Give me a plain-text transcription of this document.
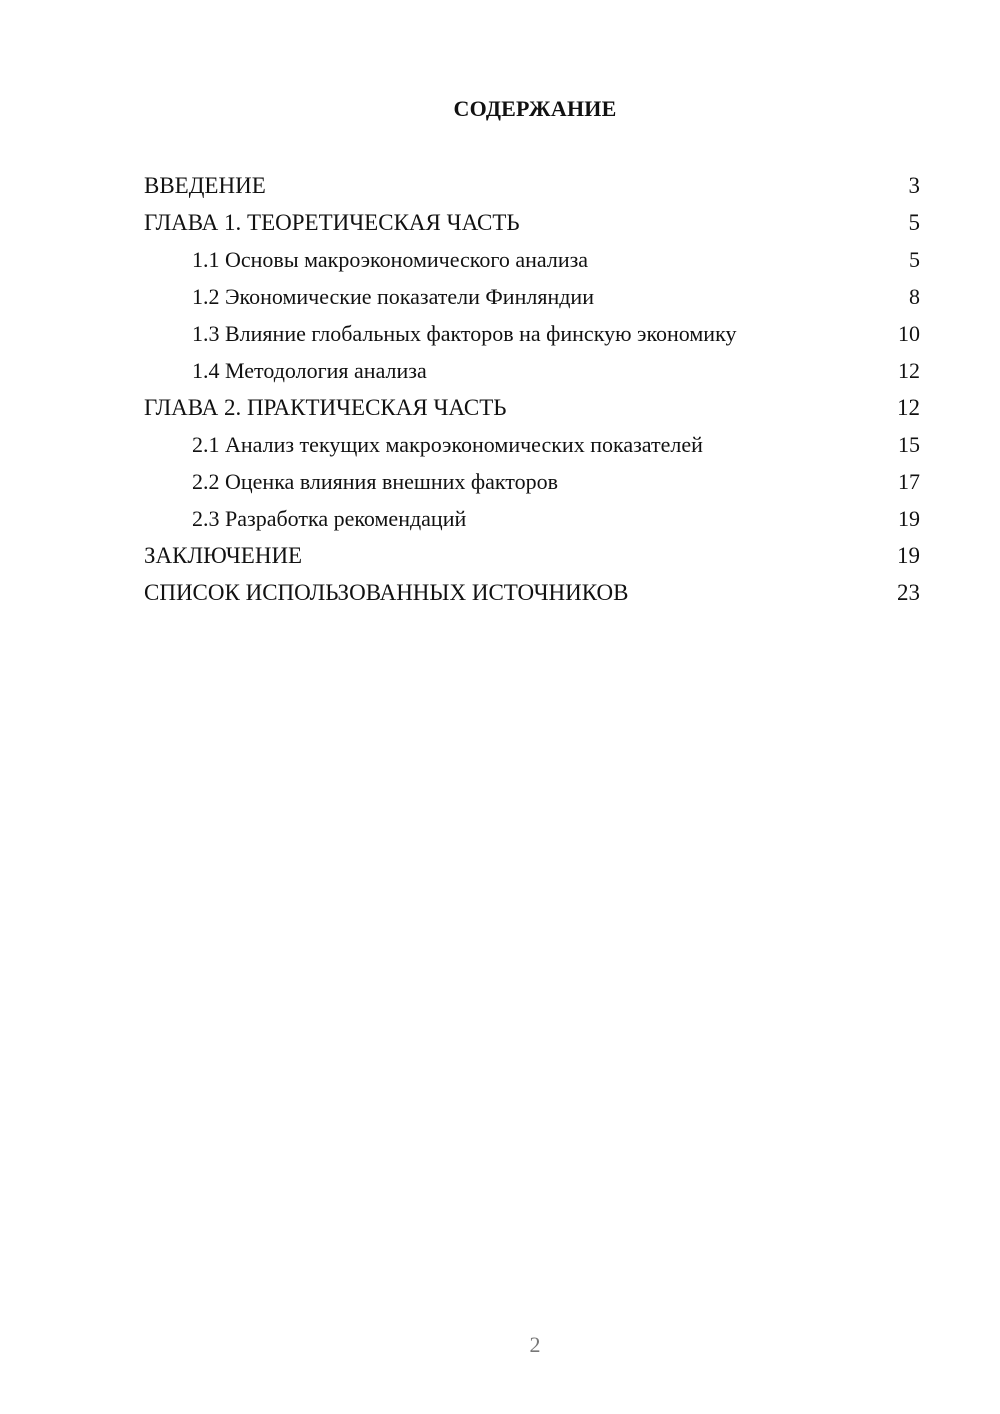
СОДЕРЖАНИЕ
ВВЕДЕНИЕ	3
ГЛАВА 1. ТЕОРЕТИЧЕСКАЯ ЧАСТЬ	5
1.1 Основы макроэкономического анализа	5
1.2 Экономические показатели Финляндии	8
1.3 Влияние глобальных факторов на финскую экономику	10
1.4 Методология анализа	12
ГЛАВА 2. ПРАКТИЧЕСКАЯ ЧАСТЬ	12
2.1 Анализ текущих макроэкономических показателей	15
2.2 Оценка влияния внешних факторов	17
2.3 Разработка рекомендаций	19
ЗАКЛЮЧЕНИЕ	19
СПИСОК ИСПОЛЬЗОВАННЫХ ИСТОЧНИКОВ	23
2
